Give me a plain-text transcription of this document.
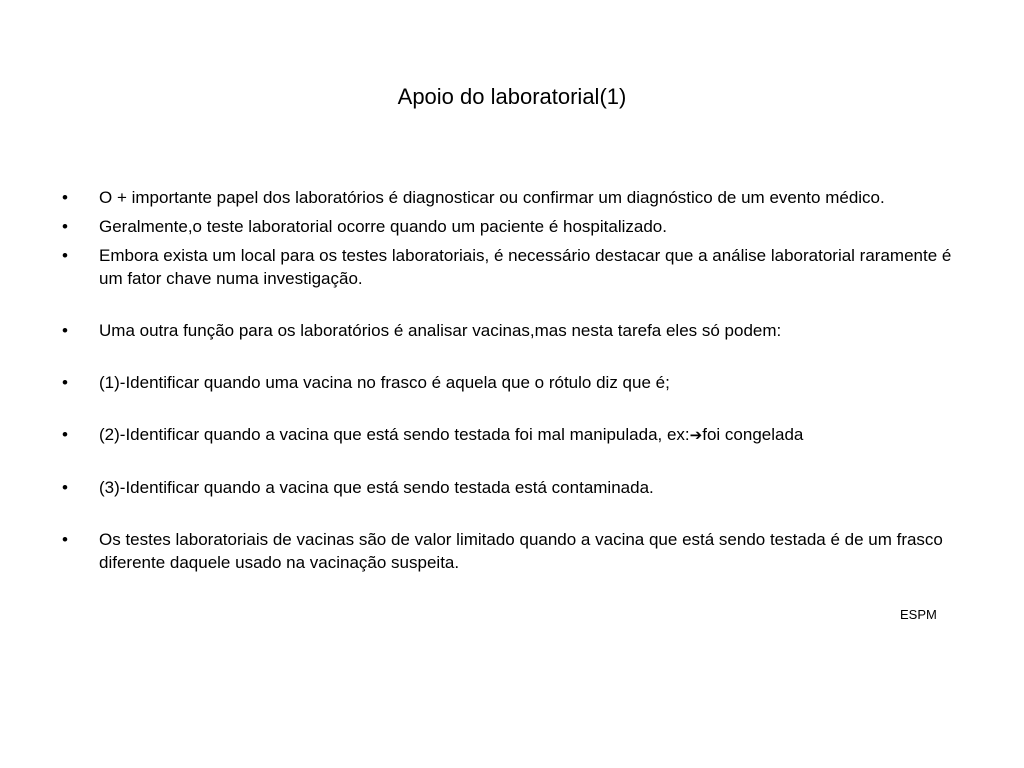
Apoio do laboratorial(1)
•	O + importante papel dos laboratórios é diagnosticar ou confirmar um diagnóstico de um evento médico.
•	Geralmente,o teste laboratorial ocorre quando um paciente é hospitalizado.
•	Embora exista um local para os testes laboratoriais, é necessário destacar que a análise laboratorial raramente é um fator chave numa investigação.
•	Uma outra função para os laboratórios é analisar vacinas,mas nesta tarefa eles só podem:
•	(1)-Identificar quando uma vacina no frasco é aquela que o rótulo diz que é;
•	(2)-Identificar quando a vacina que está sendo testada foi mal manipulada, ex:➔foi congelada
•	(3)-Identificar quando a vacina que está sendo testada está contaminada.
•	Os testes laboratoriais de vacinas são de valor limitado quando a vacina que está sendo testada é de um frasco diferente daquele usado na vacinação suspeita.
ESPM
